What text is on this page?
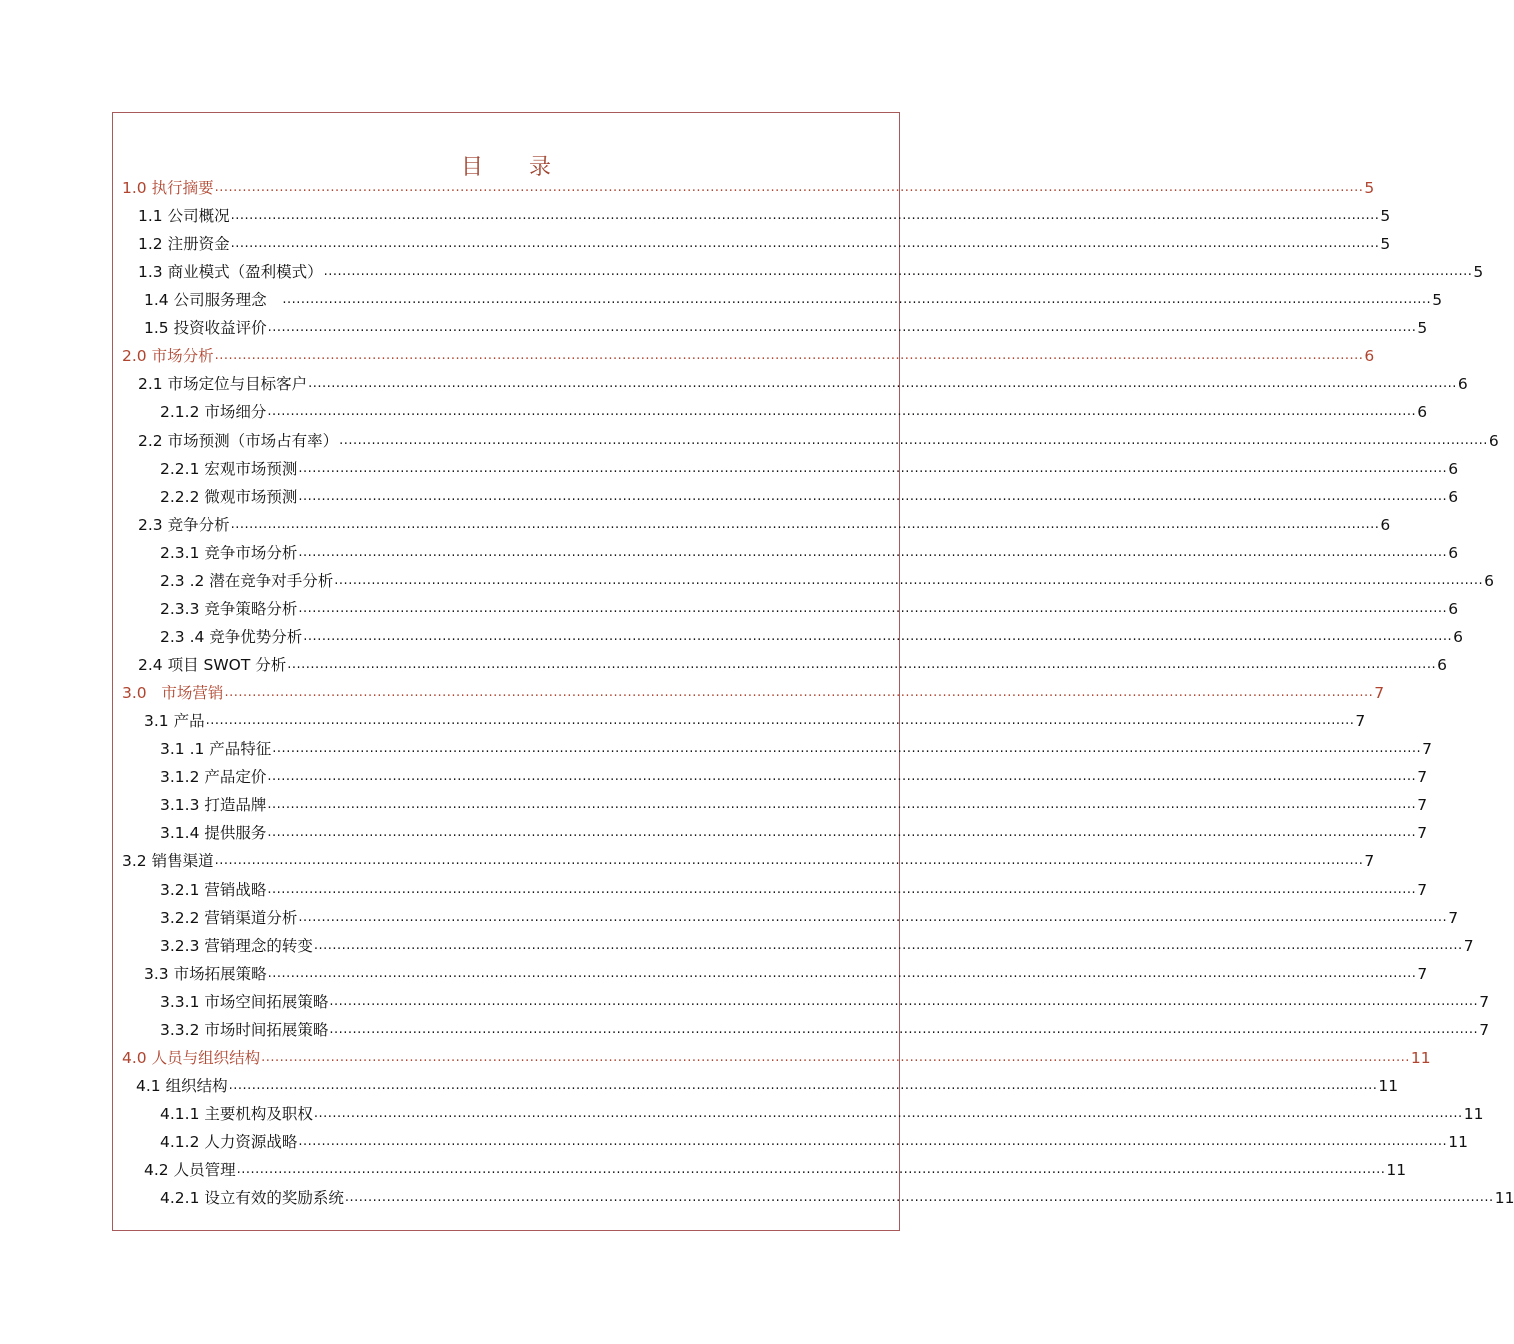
目 录
1.0 执行摘要 ........................................................................................................................................................................................................................................................ 5
1.1 公司概况 ........................................................................................................................................................................................................................................................ 5
1.2 注册资金 ........................................................................................................................................................................................................................................................ 5
1.3 商业模式（盈利模式） ........................................................................................................................................................................................................................................................ 5
1.4 公司服务理念 ........................................................................................................................................................................................................................................................ 5
1.5 投资收益评价 ........................................................................................................................................................................................................................................................ 5
2.0 市场分析 ........................................................................................................................................................................................................................................................ 6
2.1 市场定位与目标客户 ........................................................................................................................................................................................................................................................ 6
2.1.2 市场细分 ........................................................................................................................................................................................................................................................ 6
2.2 市场预测（市场占有率） ........................................................................................................................................................................................................................................................ 6
2.2.1 宏观市场预测 ........................................................................................................................................................................................................................................................ 6
2.2.2 微观市场预测 ........................................................................................................................................................................................................................................................ 6
2.3 竞争分析 ........................................................................................................................................................................................................................................................ 6
2.3.1 竞争市场分析 ........................................................................................................................................................................................................................................................ 6
2.3 .2 潜在竞争对手分析 ........................................................................................................................................................................................................................................................ 6
2.3.3 竞争策略分析 ........................................................................................................................................................................................................................................................ 6
2.3 .4 竞争优势分析 ........................................................................................................................................................................................................................................................ 6
2.4 项目 SWOT 分析 ........................................................................................................................................................................................................................................................ 6
3.0   市场营销 ........................................................................................................................................................................................................................................................ 7
3.1 产品 ........................................................................................................................................................................................................................................................ 7
3.1 .1 产品特征 ........................................................................................................................................................................................................................................................ 7
3.1.2 产品定价 ........................................................................................................................................................................................................................................................ 7
3.1.3 打造品牌 ........................................................................................................................................................................................................................................................ 7
3.1.4 提供服务 ........................................................................................................................................................................................................................................................ 7
3.2 销售渠道 ........................................................................................................................................................................................................................................................ 7
3.2.1 营销战略 ........................................................................................................................................................................................................................................................ 7
3.2.2 营销渠道分析 ........................................................................................................................................................................................................................................................ 7
3.2.3 营销理念的转变 ........................................................................................................................................................................................................................................................ 7
3.3 市场拓展策略 ........................................................................................................................................................................................................................................................ 7
3.3.1 市场空间拓展策略 ........................................................................................................................................................................................................................................................ 7
3.3.2 市场时间拓展策略 ........................................................................................................................................................................................................................................................ 7
4.0 人员与组织结构 ........................................................................................................................................................................................................................................................ 11
4.1 组织结构 ........................................................................................................................................................................................................................................................ 11
4.1.1 主要机构及职权 ........................................................................................................................................................................................................................................................ 11
4.1.2 人力资源战略 ........................................................................................................................................................................................................................................................ 11
4.2 人员管理 ........................................................................................................................................................................................................................................................ 11
4.2.1 设立有效的奖励系统 ........................................................................................................................................................................................................................................................ 11
